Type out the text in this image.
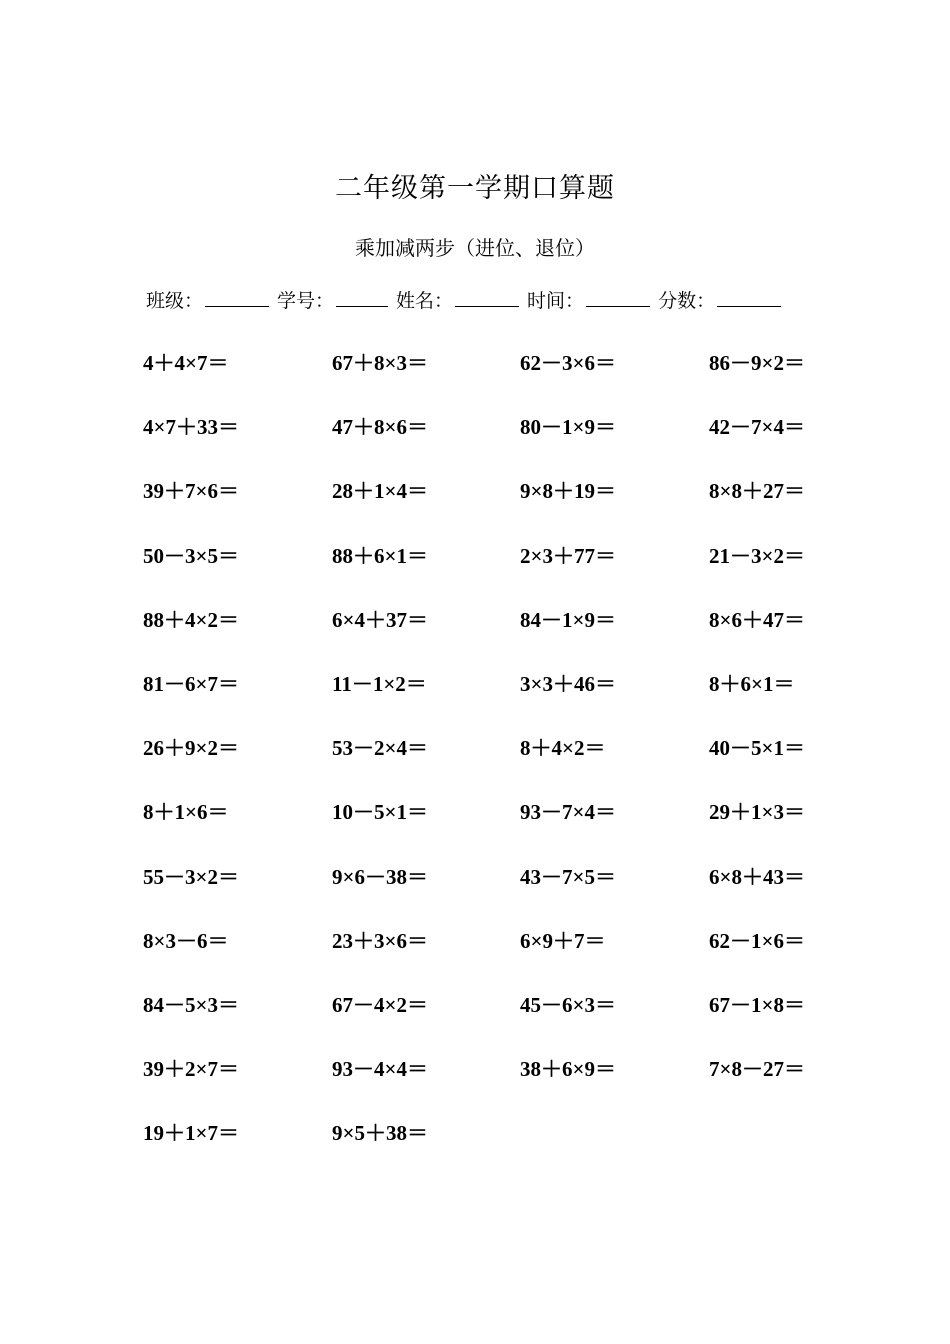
二年级第一学期口算题
乘加减两步（进位、退位）
班级：	学号：	姓名：	时间：	分数：
4＋4×7＝	67＋8×3＝	62－3×6＝	86－9×2＝
4×7＋33＝	47＋8×6＝	80－1×9＝	42－7×4＝
39＋7×6＝	28＋1×4＝	9×8＋19＝	8×8＋27＝
50－3×5＝	88＋6×1＝	2×3＋77＝	21－3×2＝
88＋4×2＝	6×4＋37＝	84－1×9＝	8×6＋47＝
81－6×7＝	11－1×2＝	3×3＋46＝	8＋6×1＝
26＋9×2＝	53－2×4＝	8＋4×2＝	40－5×1＝
8＋1×6＝	10－5×1＝	93－7×4＝	29＋1×3＝
55－3×2＝	9×6－38＝	43－7×5＝	6×8＋43＝
8×3－6＝	23＋3×6＝	6×9＋7＝	62－1×6＝
84－5×3＝	67－4×2＝	45－6×3＝	67－1×8＝
39＋2×7＝	93－4×4＝	38＋6×9＝	7×8－27＝
19＋1×7＝	9×5＋38＝
